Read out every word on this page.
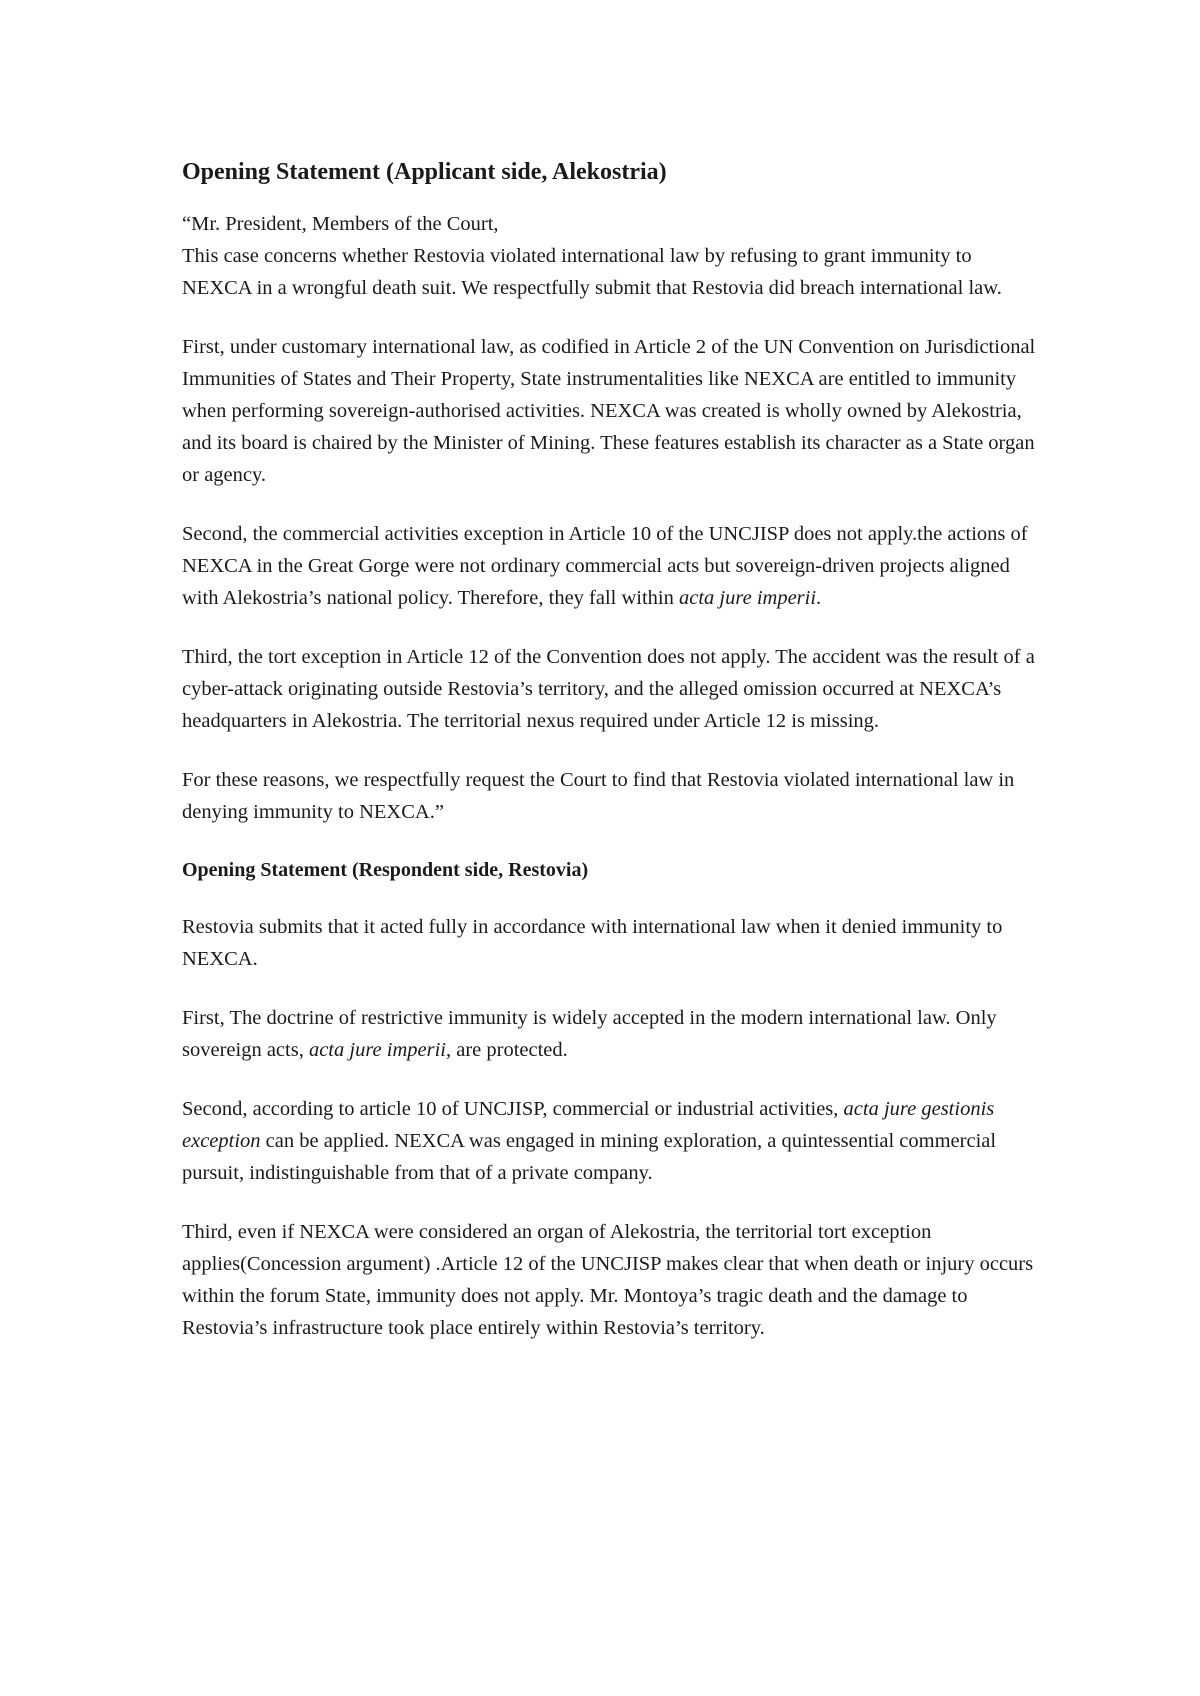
Opening Statement (Applicant side, Alekostria)

“Mr. President, Members of the Court,

This case concerns whether Restovia violated international law by refusing to grant immunity to NEXCA in a wrongful death suit. We respectfully submit that Restovia did breach international law.

First, under customary international law, as codified in Article 2 of the UN Convention on Jurisdictional Immunities of States and Their Property, State instrumentalities like NEXCA are entitled to immunity when performing sovereign-authorised activities. NEXCA was created is wholly owned by Alekostria, and its board is chaired by the Minister of Mining. These features establish its character as a State organ or agency.

Second, the commercial activities exception in Article 10 of the UNCJISP does not apply.the actions of NEXCA in the Great Gorge were not ordinary commercial acts but sovereign-driven projects aligned with Alekostria’s national policy. Therefore, they fall within acta jure imperii.

Third, the tort exception in Article 12 of the Convention does not apply. The accident was the result of a cyber-attack originating outside Restovia’s territory, and the alleged omission occurred at NEXCA’s headquarters in Alekostria. The territorial nexus required under Article 12 is missing.

For these reasons, we respectfully request the Court to find that Restovia violated international law in denying immunity to NEXCA.”

Opening Statement (Respondent side, Restovia)

Restovia submits that it acted fully in accordance with international law when it denied immunity to NEXCA.

First, The doctrine of restrictive immunity is widely accepted in the modern international law. Only sovereign acts, acta jure imperii, are protected.

Second, according to article 10 of UNCJISP, commercial or industrial activities, acta jure gestionis exception can be applied. NEXCA was engaged in mining exploration, a quintessential commercial pursuit, indistinguishable from that of a private company.

Third, even if NEXCA were considered an organ of Alekostria, the territorial tort exception applies(Concession argument) .Article 12 of the UNCJISP makes clear that when death or injury occurs within the forum State, immunity does not apply. Mr. Montoya’s tragic death and the damage to Restovia’s infrastructure took place entirely within Restovia’s territory.
